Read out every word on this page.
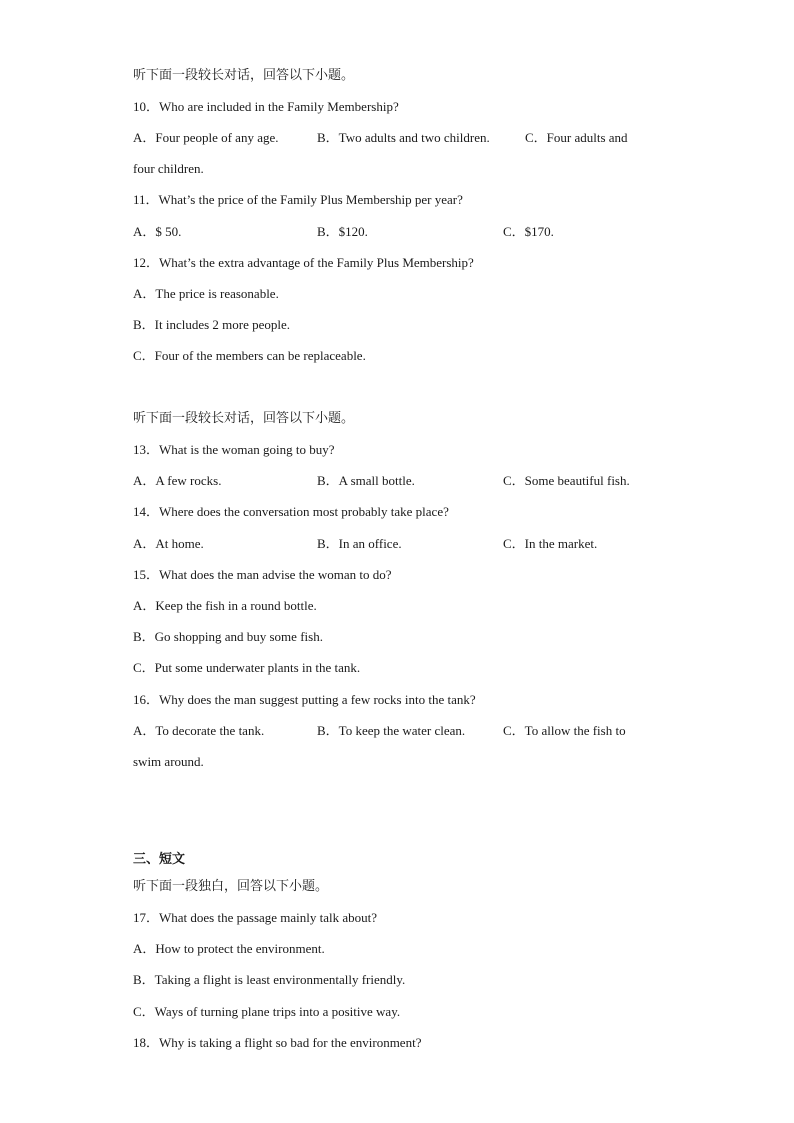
听下面一段较长对话，回答以下小题。
10．Who are included in the Family Membership?
A．Four people of any age.	B．Two adults and two children.	C．Four adults and
four children.
11．What’s the price of the Family Plus Membership per year?
A．$ 50.	B．$120.	C．$170.
12．What’s the extra advantage of the Family Plus Membership?
A．The price is reasonable.
B．It includes 2 more people.
C．Four of the members can be replaceable.
听下面一段较长对话，回答以下小题。
13．What is the woman going to buy?
A．A few rocks.	B．A small bottle.	C．Some beautiful fish.
14．Where does the conversation most probably take place?
A．At home.	B．In an office.	C．In the market.
15．What does the man advise the woman to do?
A．Keep the fish in a round bottle.
B．Go shopping and buy some fish.
C．Put some underwater plants in the tank.
16．Why does the man suggest putting a few rocks into the tank?
A．To decorate the tank.	B．To keep the water clean.	C．To allow the fish to
swim around.
三、短文
听下面一段独白，回答以下小题。
17．What does the passage mainly talk about?
A．How to protect the environment.
B．Taking a flight is least environmentally friendly.
C．Ways of turning plane trips into a positive way.
18．Why is taking a flight so bad for the environment?
